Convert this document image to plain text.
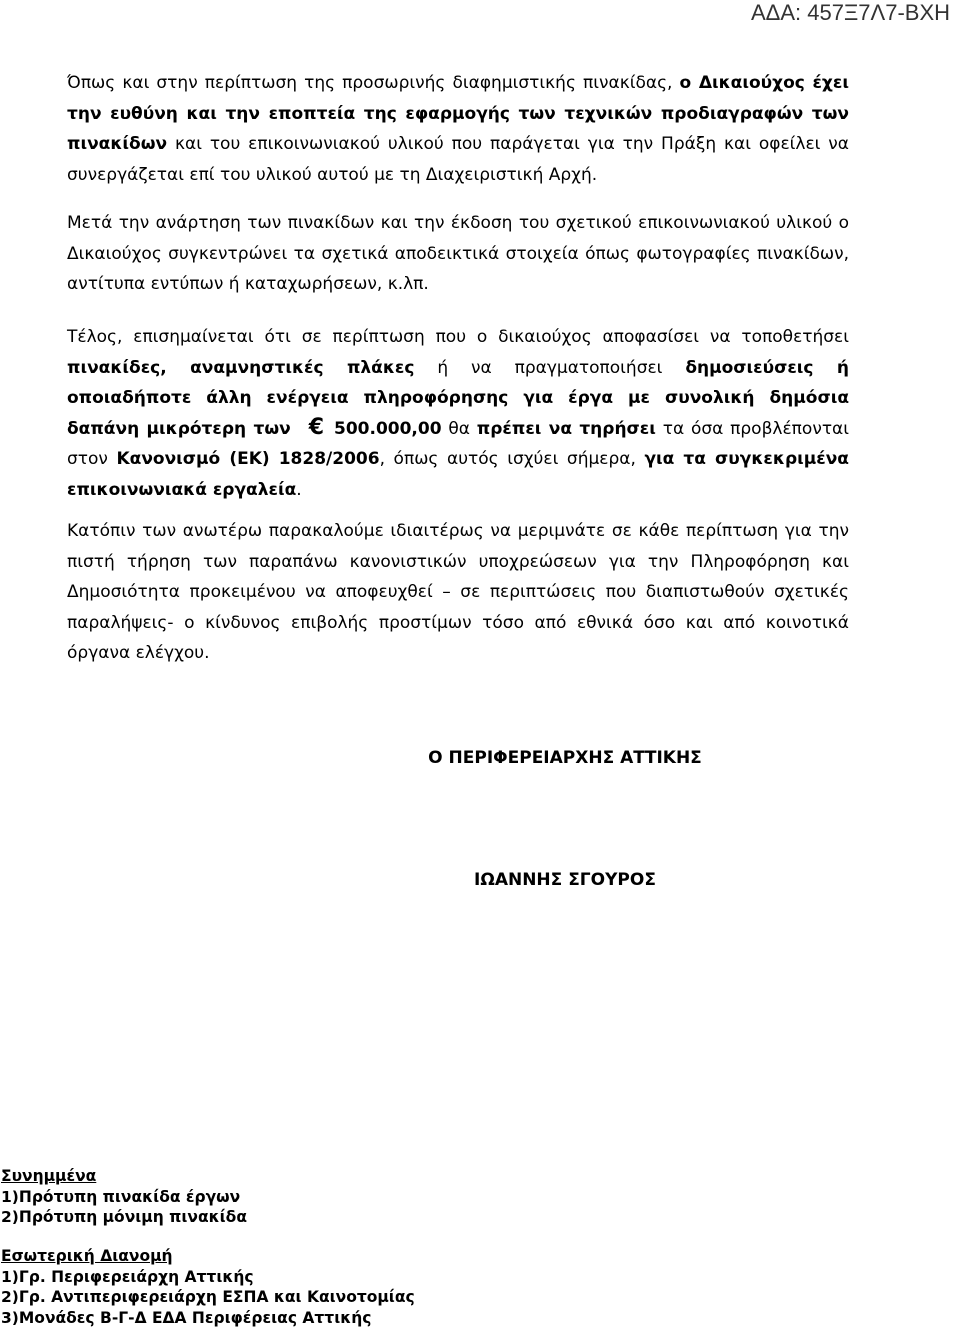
ΑΔΑ: 457Ξ7Λ7-ΒΧΗ

Όπως και στην περίπτωση της προσωρινής διαφημιστικής πινακίδας, ο Δικαιούχος έχει την ευθύνη και την εποπτεία της εφαρμογής των τεχνικών προδιαγραφών των πινακίδων και του επικοινωνιακού υλικού που παράγεται για την Πράξη και οφείλει να συνεργάζεται επί του υλικού αυτού με τη Διαχειριστική Αρχή.

Μετά την ανάρτηση των πινακίδων και την έκδοση του σχετικού επικοινωνιακού υλικού ο Δικαιούχος συγκεντρώνει τα σχετικά αποδεικτικά στοιχεία όπως φωτογραφίες πινακίδων, αντίτυπα εντύπων ή καταχωρήσεων, κ.λπ.

Τέλος, επισημαίνεται ότι σε περίπτωση που ο δικαιούχος αποφασίσει να τοποθετήσει πινακίδες, αναμνηστικές πλάκες ή να πραγματοποιήσει δημοσιεύσεις ή οποιαδήποτε άλλη ενέργεια πληροφόρησης για έργα με συνολική δημόσια δαπάνη μικρότερη των € 500.000,00 θα πρέπει να τηρήσει τα όσα προβλέπονται στον Κανονισμό (ΕΚ) 1828/2006, όπως αυτός ισχύει σήμερα, για τα συγκεκριμένα επικοινωνιακά εργαλεία.

Κατόπιν των ανωτέρω παρακαλούμε ιδιαιτέρως να μεριμνάτε σε κάθε περίπτωση για την πιστή τήρηση των παραπάνω κανονιστικών υποχρεώσεων για την Πληροφόρηση και Δημοσιότητα προκειμένου να αποφευχθεί – σε περιπτώσεις που διαπιστωθούν σχετικές παραλήψεις- ο κίνδυνος επιβολής προστίμων τόσο από εθνικά όσο και από κοινοτικά όργανα ελέγχου.

Ο ΠΕΡΙΦΕΡΕΙΑΡΧΗΣ ΑΤΤΙΚΗΣ

ΙΩΑΝΝΗΣ ΣΓΟΥΡΟΣ

Συνημμένα
1)Πρότυπη πινακίδα έργων
2)Πρότυπη μόνιμη πινακίδα
Εσωτερική Διανομή
1)Γρ. Περιφερειάρχη Αττικής
2)Γρ. Αντιπεριφερειάρχη ΕΣΠΑ και Καινοτομίας
3)Μονάδες Β-Γ-Δ ΕΔΑ Περιφέρειας Αττικής
